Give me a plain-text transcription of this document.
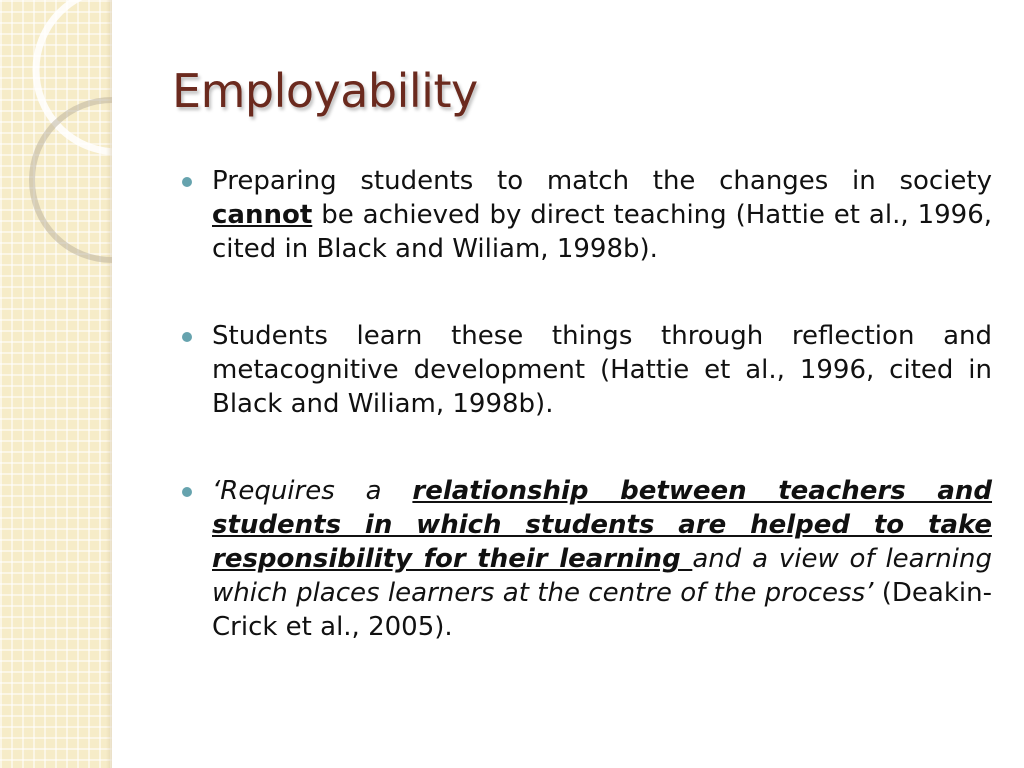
Employability

Preparing students to match the changes in society cannot be achieved by direct teaching (Hattie et al., 1996, cited in Black and Wiliam, 1998b).

Students learn these things through reflection and metacognitive development (Hattie et al., 1996, cited in Black and Wiliam, 1998b).

‘Requires a relationship between teachers and students in which students are helped to take responsibility for their learning and a view of learning which places learners at the centre of the process’ (Deakin-Crick et al., 2005).
